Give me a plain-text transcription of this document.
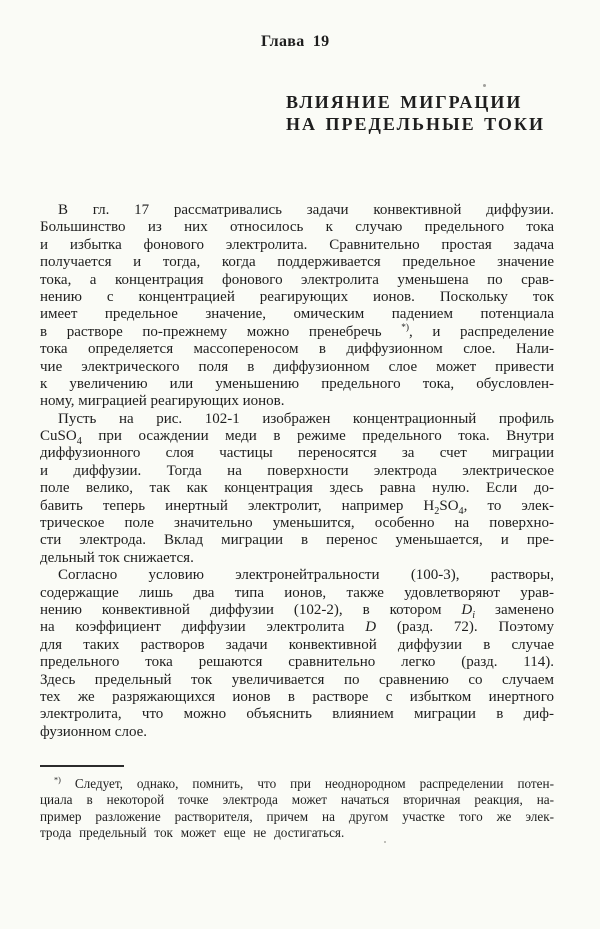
Глава 19
ВЛИЯНИЕ МИГРАЦИИ
НА ПРЕДЕЛЬНЫЕ ТОКИ
В гл. 17 рассматривались задачи конвективной диффузии.
Большинство из них относилось к случаю предельного тока
и избытка фонового электролита. Сравнительно простая задача
получается и тогда, когда поддерживается предельное значение
тока, а концентрация фонового электролита уменьшена по срав-
нению с концентрацией реагирующих ионов. Поскольку ток
имеет предельное значение, омическим падением потенциала
в растворе по-прежнему можно пренебречь *), и распределение
тока определяется массопереносом в диффузионном слое. Нали-
чие электрического поля в диффузионном слое может привести
к увеличению или уменьшению предельного тока, обусловлен-
ному, миграцией реагирующих ионов.
Пусть на рис. 102-1 изображен концентрационный профиль
CuSO$_4$ при осаждении меди в режиме предельного тока. Внутри
диффузионного слоя частицы переносятся за счет миграции
и диффузии. Тогда на поверхности электрода электрическое
поле велико, так как концентрация здесь равна нулю. Если до-
бавить теперь инертный электролит, например $H_2SO_4$, то элек-
трическое поле значительно уменьшится, особенно на поверхно-
сти электрода. Вклад миграции в перенос уменьшается, и пре-
дельный ток снижается.
Согласно условию электронейтральности (100-3), растворы,
содержащие лишь два типа ионов, также удовлетворяют урав-
нению конвективной диффузии (102-2), в котором $D_i$ заменено
на коэффициент диффузии электролита D (разд. 72). Поэтому
для таких растворов задачи конвективной диффузии в случае
предельного тока решаются сравнительно легко (разд. 114).
Здесь предельный ток увеличивается по сравнению со случаем
тех же разряжающихся ионов в растворе с избытком инертного
электролита, что можно объяснить влиянием миграции в диф-
фузионном слое.
*) Следует, однако, помнить, что при неоднородном распределении потен-
циала в некоторой точке электрода может начаться вторичная реакция, на-
пример разложение растворителя, причем на другом участке того же элек-
трода предельный ток может еще не достигаться.
